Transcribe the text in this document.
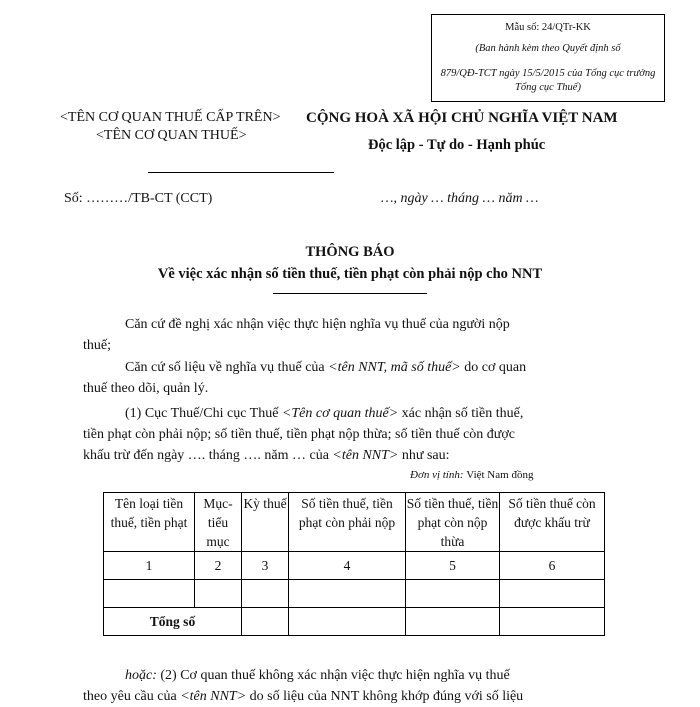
Mẫu số: 24/QTr-KK
(Ban hành kèm theo Quyết định số
879/QĐ-TCT ngày 15/5/2015 của Tổng cục trưởng Tổng cục Thuế)
<TÊN CƠ QUAN THUẾ CẤP TRÊN>
<TÊN CƠ QUAN THUẾ>
CỘNG HOÀ XÃ HỘI CHỦ NGHĨA VIỆT NAM
Độc lập - Tự do - Hạnh phúc
Số: ………/TB-CT (CCT)	…, ngày … tháng … năm …
THÔNG BÁO
Về việc xác nhận số tiền thuế, tiền phạt còn phải nộp cho NNT
Căn cứ đề nghị xác nhận việc thực hiện nghĩa vụ thuế của người nộp
thuế;
Căn cứ số liệu về nghĩa vụ thuế của <tên NNT, mã số thuế> do cơ quan
thuế theo dõi, quản lý.
(1) Cục Thuế/Chi cục Thuế <Tên cơ quan thuế> xác nhận số tiền thuế,
tiền phạt còn phải nộp; số tiền thuế, tiền phạt nộp thừa; số tiền thuế còn được
khấu trừ đến ngày …. tháng …. năm … của <tên NNT> như sau:
Đơn vị tính: Việt Nam đồng
Tên loại tiền thuế, tiền phạt	Mục-tiểu mục	Kỳ thuế	Số tiền thuế, tiền phạt còn phải nộp	Số tiền thuế, tiền phạt còn nộp thừa	Số tiền thuế còn được khấu trừ
1	2	3	4	5	6

Tổng số					
hoặc: (2) Cơ quan thuế không xác nhận việc thực hiện nghĩa vụ thuế
theo yêu cầu của <tên NNT> do số liệu của NNT không khớp đúng với số liệu
